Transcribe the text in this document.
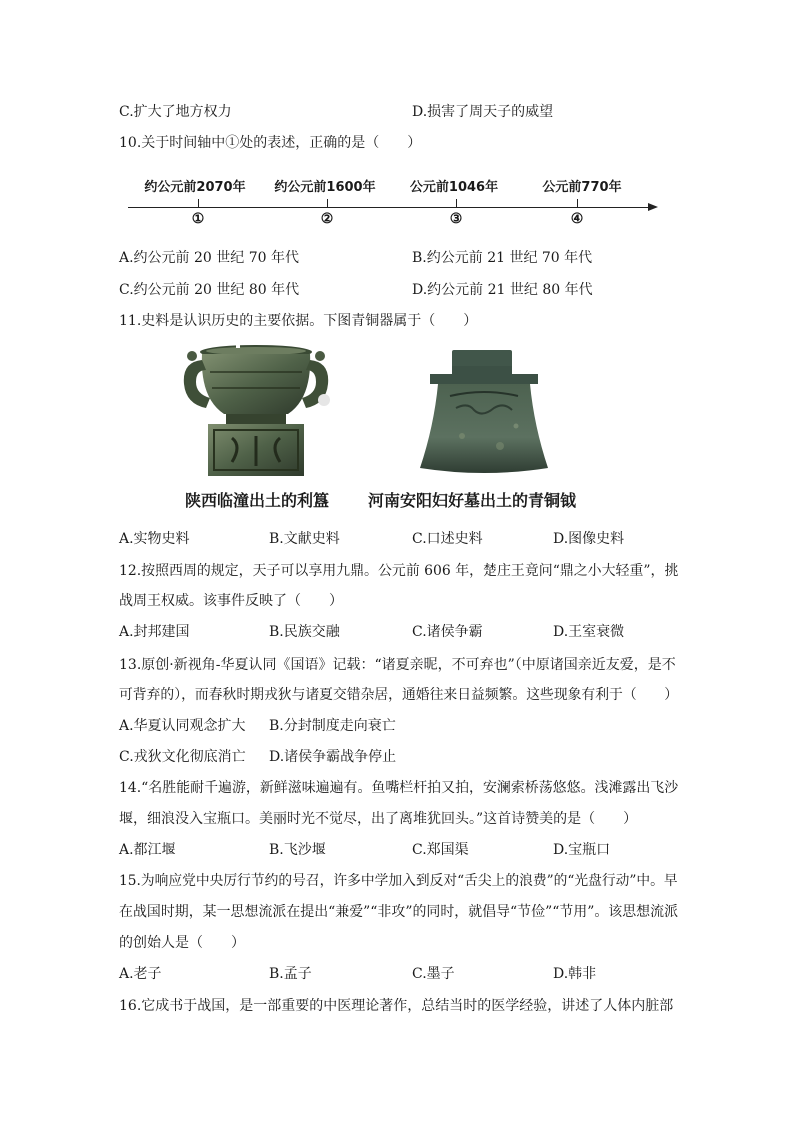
C.扩大了地方权力	D.损害了周天子的威望
10.关于时间轴中①处的表述，正确的是（　　）
约公元前2070年 约公元前1600年	公元前1046年	公元前770年
①	②	③	④
A.约公元前 20 世纪 70 年代	B.约公元前 21 世纪 70 年代
C.约公元前 20 世纪 80 年代	D.约公元前 21 世纪 80 年代
11.史料是认识历史的主要依据。下图青铜器属于（　　）
陕西临潼出土的利簋 河南安阳妇好墓出土的青铜钺
A.实物史料	B.文献史料	C.口述史料	D.图像史料
12.按照西周的规定，天子可以享用九鼎。公元前 606 年，楚庄王竟问“鼎之小大轻重”，挑
战周王权威。该事件反映了（　　）
A.封邦建国	B.民族交融	C.诸侯争霸	D.王室衰微
13.原创·新视角-华夏认同《国语》记载：“诸夏亲昵，不可弃也”（中原诸国亲近友爱，是不
可背弃的），而春秋时期戎狄与诸夏交错杂居，通婚往来日益频繁。这些现象有利于（　　）
A.华夏认同观念扩大 B.分封制度走向衰亡
C.戎狄文化彻底消亡 D.诸侯争霸战争停止
14.“名胜能耐千遍游，新鲜滋味遍遍有。鱼嘴栏杆拍又拍，安澜索桥荡悠悠。浅滩露出飞沙
堰，细浪没入宝瓶口。美丽时光不觉尽，出了离堆犹回头。”这首诗赞美的是（　　）
A.都江堰	B.飞沙堰	C.郑国渠	D.宝瓶口
15.为响应党中央厉行节约的号召，许多中学加入到反对“舌尖上的浪费”的“光盘行动”中。早
在战国时期，某一思想流派在提出“兼爱”“非攻”的同时，就倡导“节俭”“节用”。该思想流派
的创始人是（　　）
A.老子	B.孟子	C.墨子	D.韩非
16.它成书于战国，是一部重要的中医理论著作，总结当时的医学经验，讲述了人体内脏部
